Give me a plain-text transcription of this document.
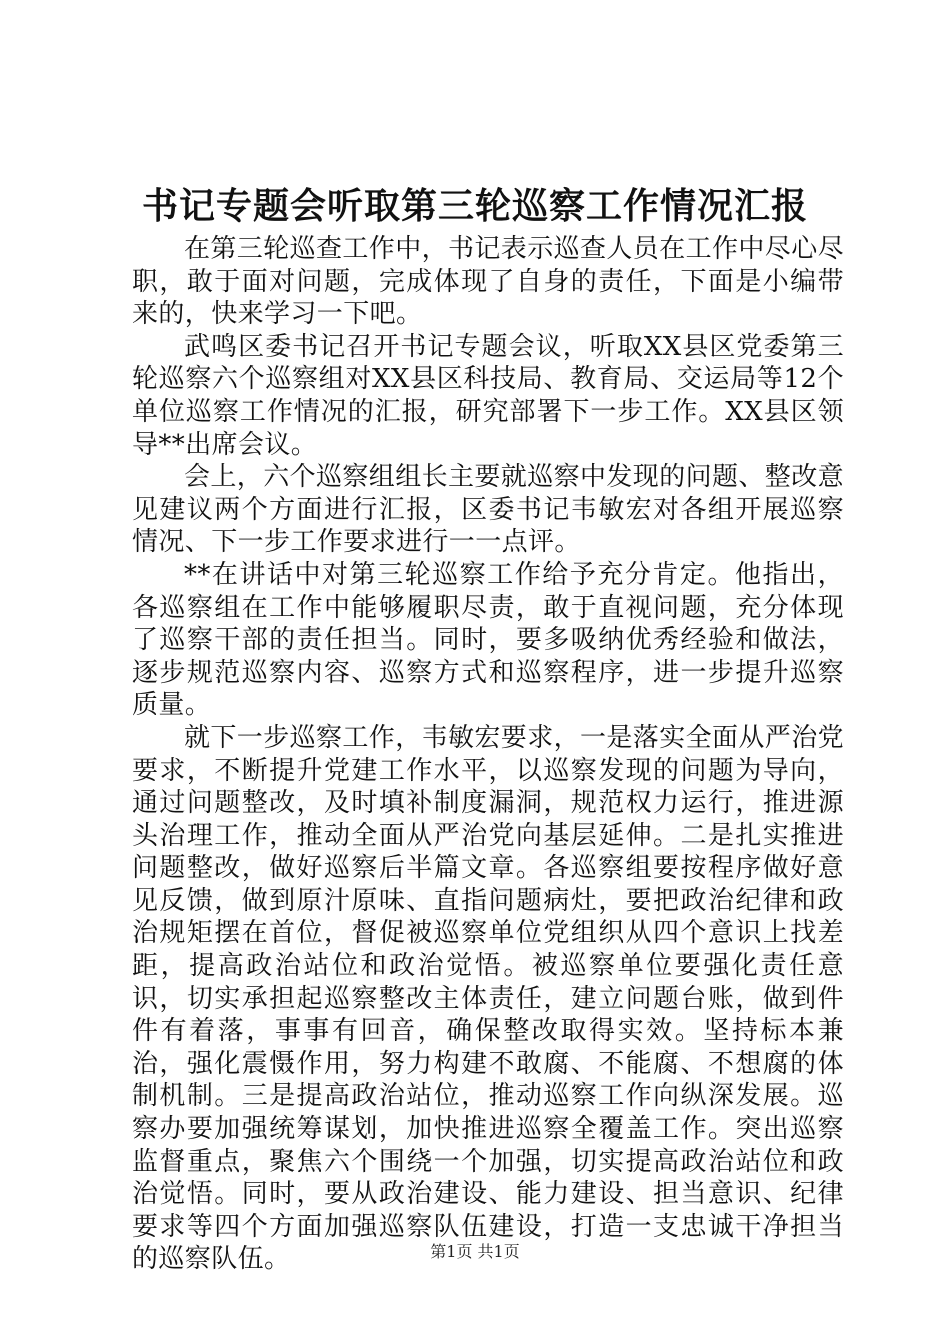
书记专题会听取第三轮巡察工作情况汇报

在第三轮巡查工作中，书记表示巡查人员在工作中尽心尽职，敢于面对问题，完成体现了自身的责任，下面是小编带来的，快来学习一下吧。

武鸣区委书记召开书记专题会议，听取XX县区党委第三轮巡察六个巡察组对XX县区科技局、教育局、交运局等12个单位巡察工作情况的汇报，研究部署下一步工作。XX县区领导**出席会议。

会上，六个巡察组组长主要就巡察中发现的问题、整改意见建议两个方面进行汇报，区委书记韦敏宏对各组开展巡察情况、下一步工作要求进行一一点评。

**在讲话中对第三轮巡察工作给予充分肯定。他指出，各巡察组在工作中能够履职尽责，敢于直视问题，充分体现了巡察干部的责任担当。同时，要多吸纳优秀经验和做法，逐步规范巡察内容、巡察方式和巡察程序，进一步提升巡察质量。

就下一步巡察工作，韦敏宏要求，一是落实全面从严治党要求，不断提升党建工作水平，以巡察发现的问题为导向，通过问题整改，及时填补制度漏洞，规范权力运行，推进源头治理工作，推动全面从严治党向基层延伸。二是扎实推进问题整改，做好巡察后半篇文章。各巡察组要按程序做好意见反馈，做到原汁原味、直指问题病灶，要把政治纪律和政治规矩摆在首位，督促被巡察单位党组织从四个意识上找差距，提高政治站位和政治觉悟。被巡察单位要强化责任意识，切实承担起巡察整改主体责任，建立问题台账，做到件件有着落，事事有回音，确保整改取得实效。坚持标本兼治，强化震慑作用，努力构建不敢腐、不能腐、不想腐的体制机制。三是提高政治站位，推动巡察工作向纵深发展。巡察办要加强统筹谋划，加快推进巡察全覆盖工作。突出巡察监督重点，聚焦六个围绕一个加强，切实提高政治站位和政治觉悟。同时，要从政治建设、能力建设、担当意识、纪律要求等四个方面加强巡察队伍建设，打造一支忠诚干净担当的巡察队伍。	第1页 共1页
